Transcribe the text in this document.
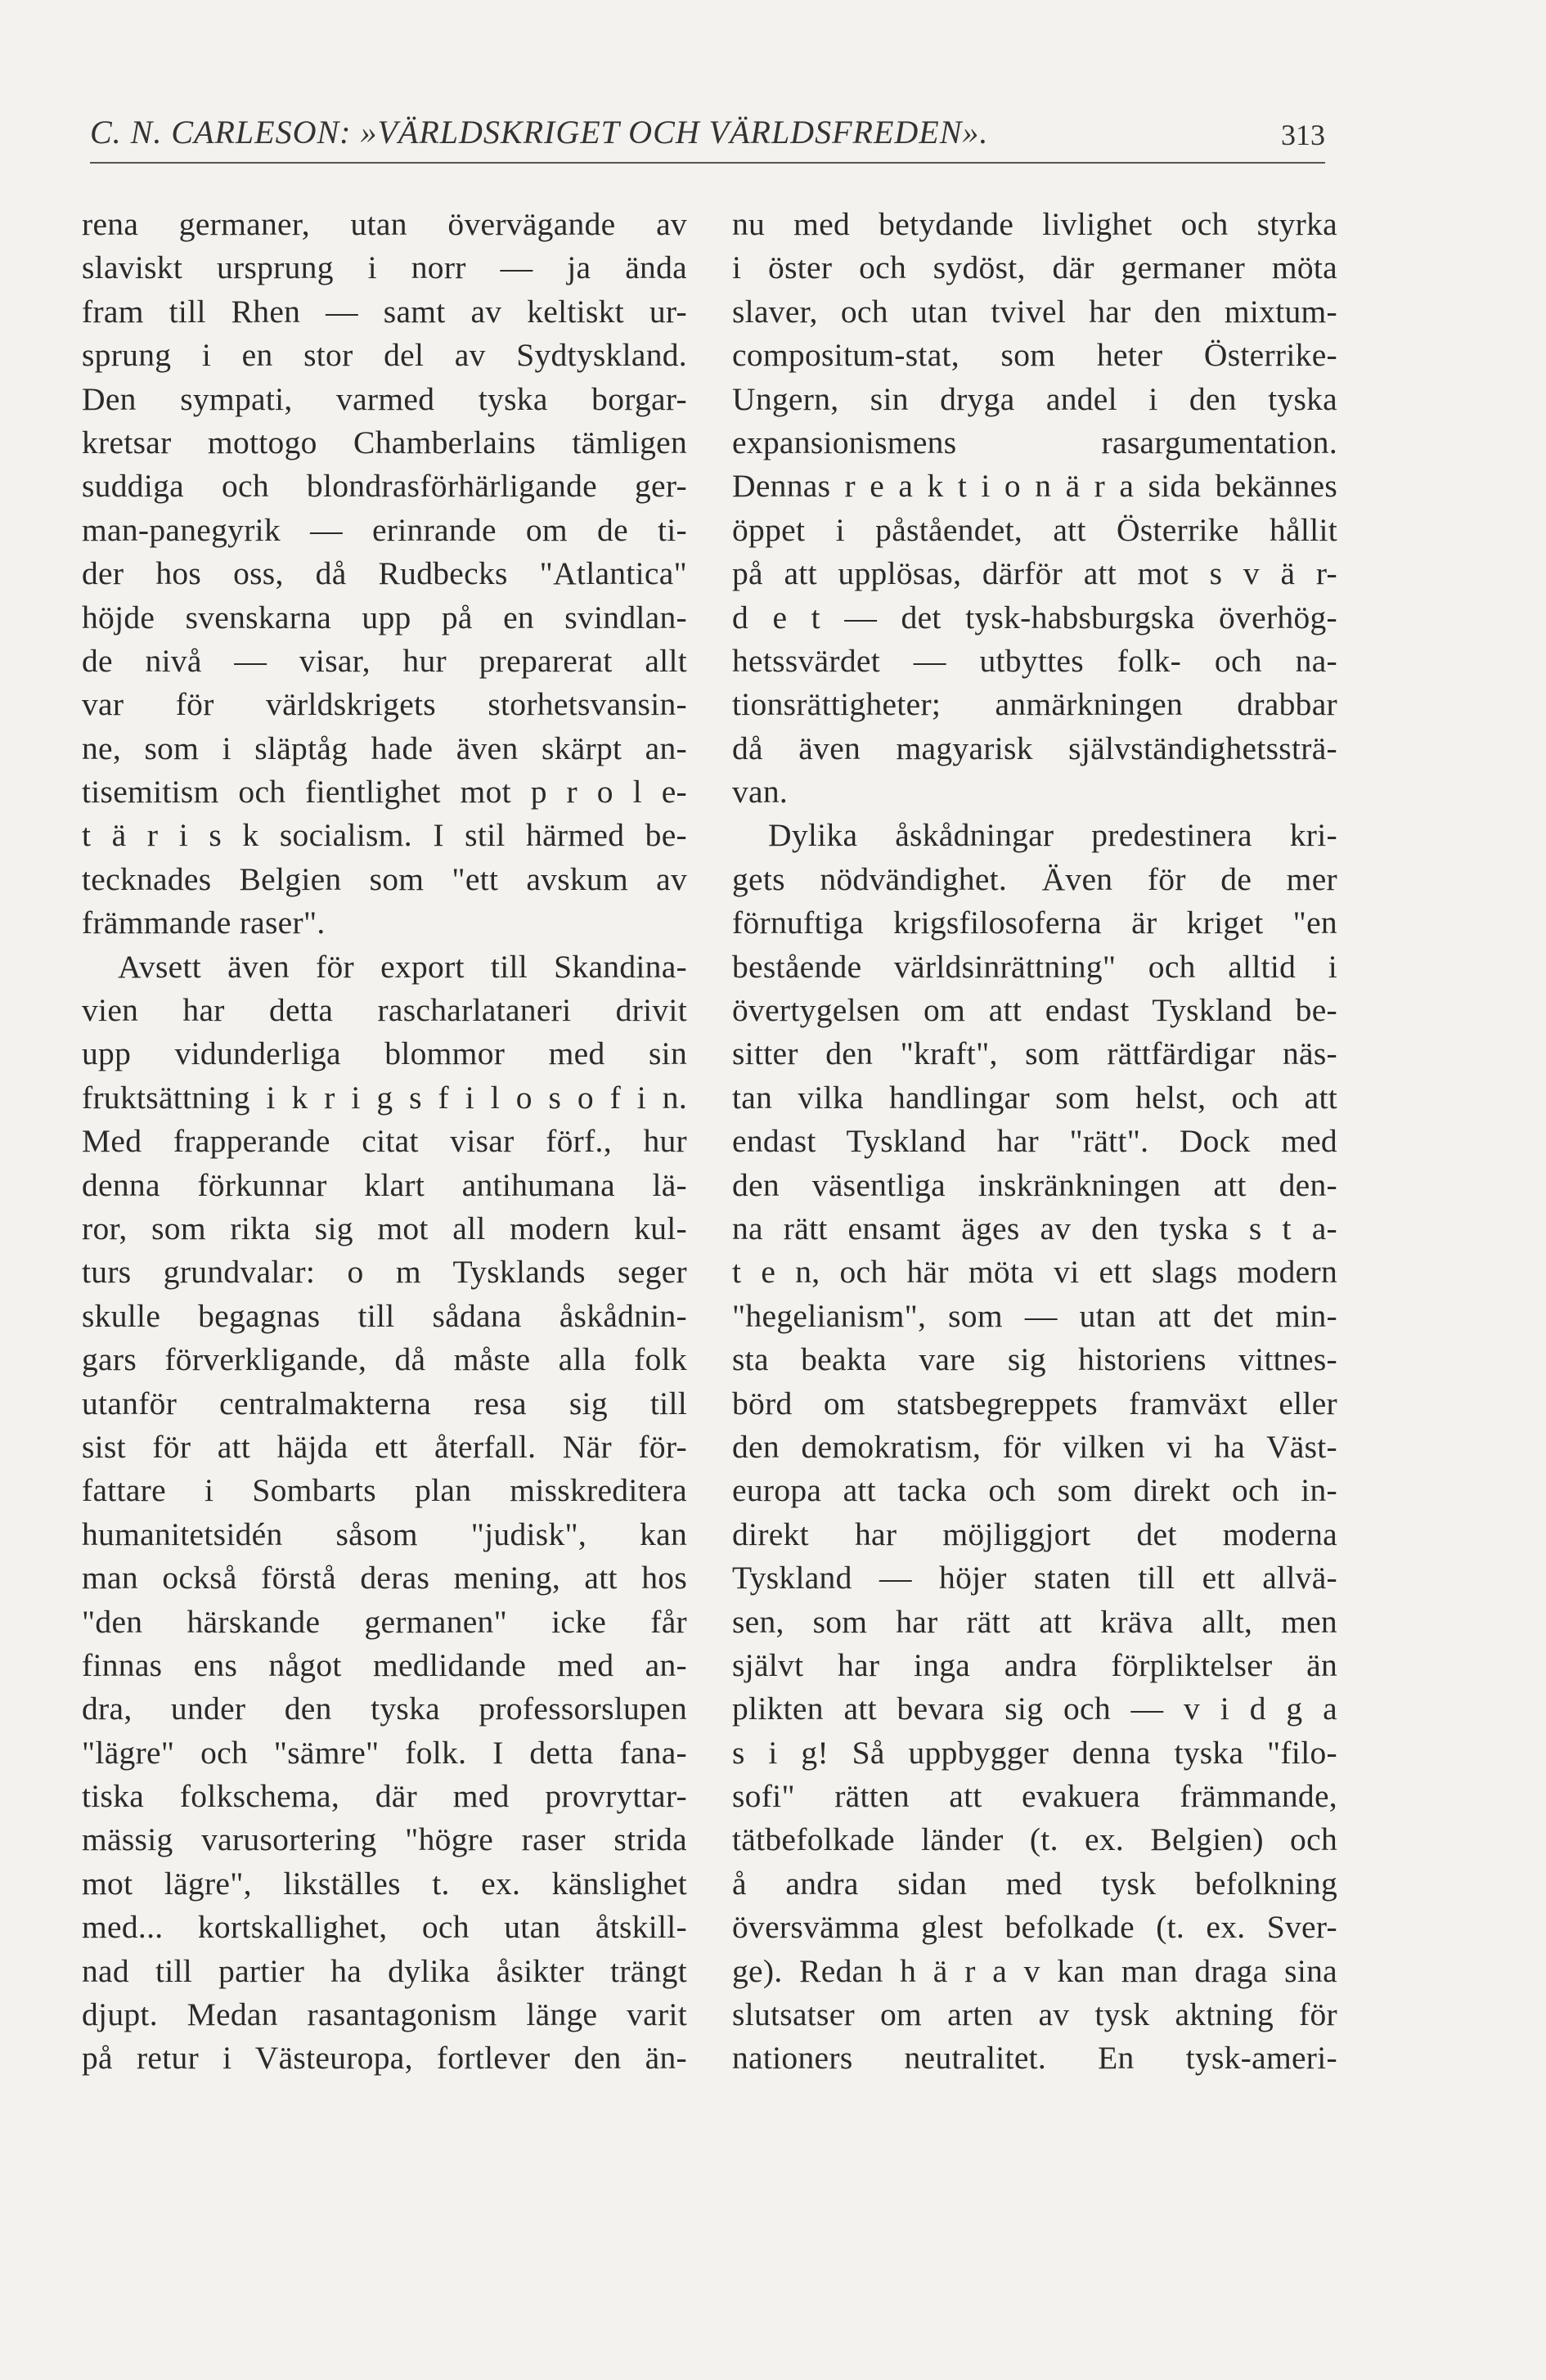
C. N. CARLESON: »VÄRLDSKRIGET OCH VÄRLDSFREDEN».	313
rena germaner, utan övervägande av
slaviskt ursprung i norr — ja ända
fram till Rhen — samt av keltiskt ur-
sprung i en stor del av Sydtyskland.
Den sympati, varmed tyska borgar-
kretsar mottogo Chamberlains tämligen
suddiga och blondrasförhärligande ger-
man-panegyrik — erinrande om de ti-
der hos oss, då Rudbecks "Atlantica"
höjde svenskarna upp på en svindlan-
de nivå — visar, hur preparerat allt
var för världskrigets storhetsvansin-
ne, som i släptåg hade även skärpt an-
tisemitism och fientlighet mot p r o l e-
t ä r i s k socialism. I stil härmed be-
tecknades Belgien som "ett avskum av
främmande raser".
Avsett även för export till Skandina-
vien har detta rascharlataneri drivit
upp vidunderliga blommor med sin
fruktsättning i k r i g s f i l o s o f i n.
Med frapperande citat visar förf., hur
denna förkunnar klart antihumana lä-
ror, som rikta sig mot all modern kul-
turs grundvalar: o m Tysklands seger
skulle begagnas till sådana åskådnin-
gars förverkligande, då måste alla folk
utanför centralmakterna resa sig till
sist för att häjda ett återfall. När för-
fattare i Sombarts plan misskreditera
humanitetsidén såsom "judisk", kan
man också förstå deras mening, att hos
"den härskande germanen" icke får
finnas ens något medlidande med an-
dra, under den tyska professorslupen
"lägre" och "sämre" folk. I detta fana-
tiska folkschema, där med provryttar-
mässig varusortering "högre raser strida
mot lägre", likställes t. ex. känslighet
med... kortskallighet, och utan åtskill-
nad till partier ha dylika åsikter trängt
djupt. Medan rasantagonism länge varit
på retur i Västeuropa, fortlever den än-
nu med betydande livlighet och styrka
i öster och sydöst, där germaner möta
slaver, och utan tvivel har den mixtum-
compositum-stat, som heter Österrike-
Ungern, sin dryga andel i den tyska
expansionismens rasargumentation.
Dennas r e a k t i o n ä r a sida bekännes
öppet i påståendet, att Österrike hållit
på att upplösas, därför att mot s v ä r-
d e t — det tysk-habsburgska överhög-
hetssvärdet — utbyttes folk- och na-
tionsrättigheter; anmärkningen drabbar
då även magyarisk självständighetssträ-
van.
Dylika åskådningar predestinera kri-
gets nödvändighet. Även för de mer
förnuftiga krigsfilosoferna är kriget "en
bestående världsinrättning" och alltid i
övertygelsen om att endast Tyskland be-
sitter den "kraft", som rättfärdigar näs-
tan vilka handlingar som helst, och att
endast Tyskland har "rätt". Dock med
den väsentliga inskränkningen att den-
na rätt ensamt äges av den tyska s t a-
t e n, och här möta vi ett slags modern
"hegelianism", som — utan att det min-
sta beakta vare sig historiens vittnes-
börd om statsbegreppets framväxt eller
den demokratism, för vilken vi ha Väst-
europa att tacka och som direkt och in-
direkt har möjliggjort det moderna
Tyskland — höjer staten till ett allvä-
sen, som har rätt att kräva allt, men
självt har inga andra förpliktelser än
plikten att bevara sig och — v i d g a
s i g! Så uppbygger denna tyska "filo-
sofi" rätten att evakuera främmande,
tätbefolkade länder (t. ex. Belgien) och
å andra sidan med tysk befolkning
översvämma glest befolkade (t. ex. Sver-
ge). Redan h ä r a v kan man draga sina
slutsatser om arten av tysk aktning för
nationers neutralitet. En tysk-ameri-
